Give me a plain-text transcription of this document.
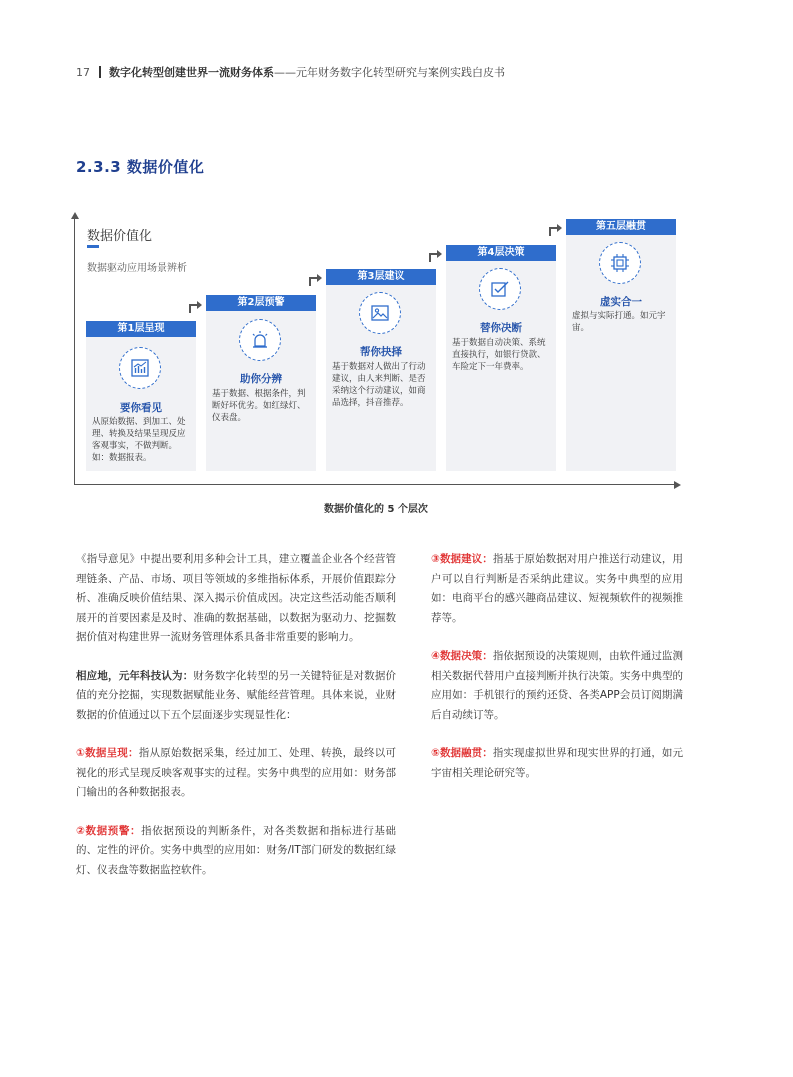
17 数字化转型创建世界一流财务体系——元年财务数字化转型研究与案例实践白皮书
2.3.3 数据价值化
数据价值化
数据驱动应用场景辨析
第1层呈现
要你看见
从原始数据、到加工、处理、转换及结果呈现反应客观事实，不做判断。如：数据报表。
第2层预警
助你分辨
基于数据、根据条件，判断好坏优劣。如红绿灯、仪表盘。
第3层建议
帮你抉择
基于数据对人做出了行动建议，由人来判断、是否采纳这个行动建议，如商品选择，抖音推荐。
第4层决策
替你决断
基于数据自动决策、系统直接执行，如银行贷款、车险定下一年费率。
第五层融贯
虚实合一
虚拟与实际打通。如元宇宙。
数据价值化的 5 个层次

《指导意见》中提出要利用多种会计工具，建立覆盖企业各个经营管理链条、产品、市场、项目等领域的多维指标体系，开展价值跟踪分析、准确反映价值结果、深入揭示价值成因。决定这些活动能否顺利展开的首要因素是及时、准确的数据基础，以数据为驱动力、挖掘数据价值对构建世界一流财务管理体系具备非常重要的影响力。

相应地，元年科技认为：财务数字化转型的另一关键特征是对数据价值的充分挖掘，实现数据赋能业务、赋能经营管理。具体来说，业财数据的价值通过以下五个层面逐步实现显性化：

①数据呈现：指从原始数据采集，经过加工、处理、转换，最终以可视化的形式呈现反映客观事实的过程。实务中典型的应用如：财务部门输出的各种数据报表。

②数据预警：指依据预设的判断条件，对各类数据和指标进行基础的、定性的评价。实务中典型的应用如：财务/IT部门研发的数据红绿灯、仪表盘等数据监控软件。

③数据建议：指基于原始数据对用户推送行动建议，用户可以自行判断是否采纳此建议。实务中典型的应用如：电商平台的感兴趣商品建议、短视频软件的视频推荐等。

④数据决策：指依据预设的决策规则，由软件通过监测相关数据代替用户直接判断并执行决策。实务中典型的应用如：手机银行的预约还贷、各类APP会员订阅期满后自动续订等。

⑤数据融贯：指实现虚拟世界和现实世界的打通，如元宇宙相关理论研究等。
